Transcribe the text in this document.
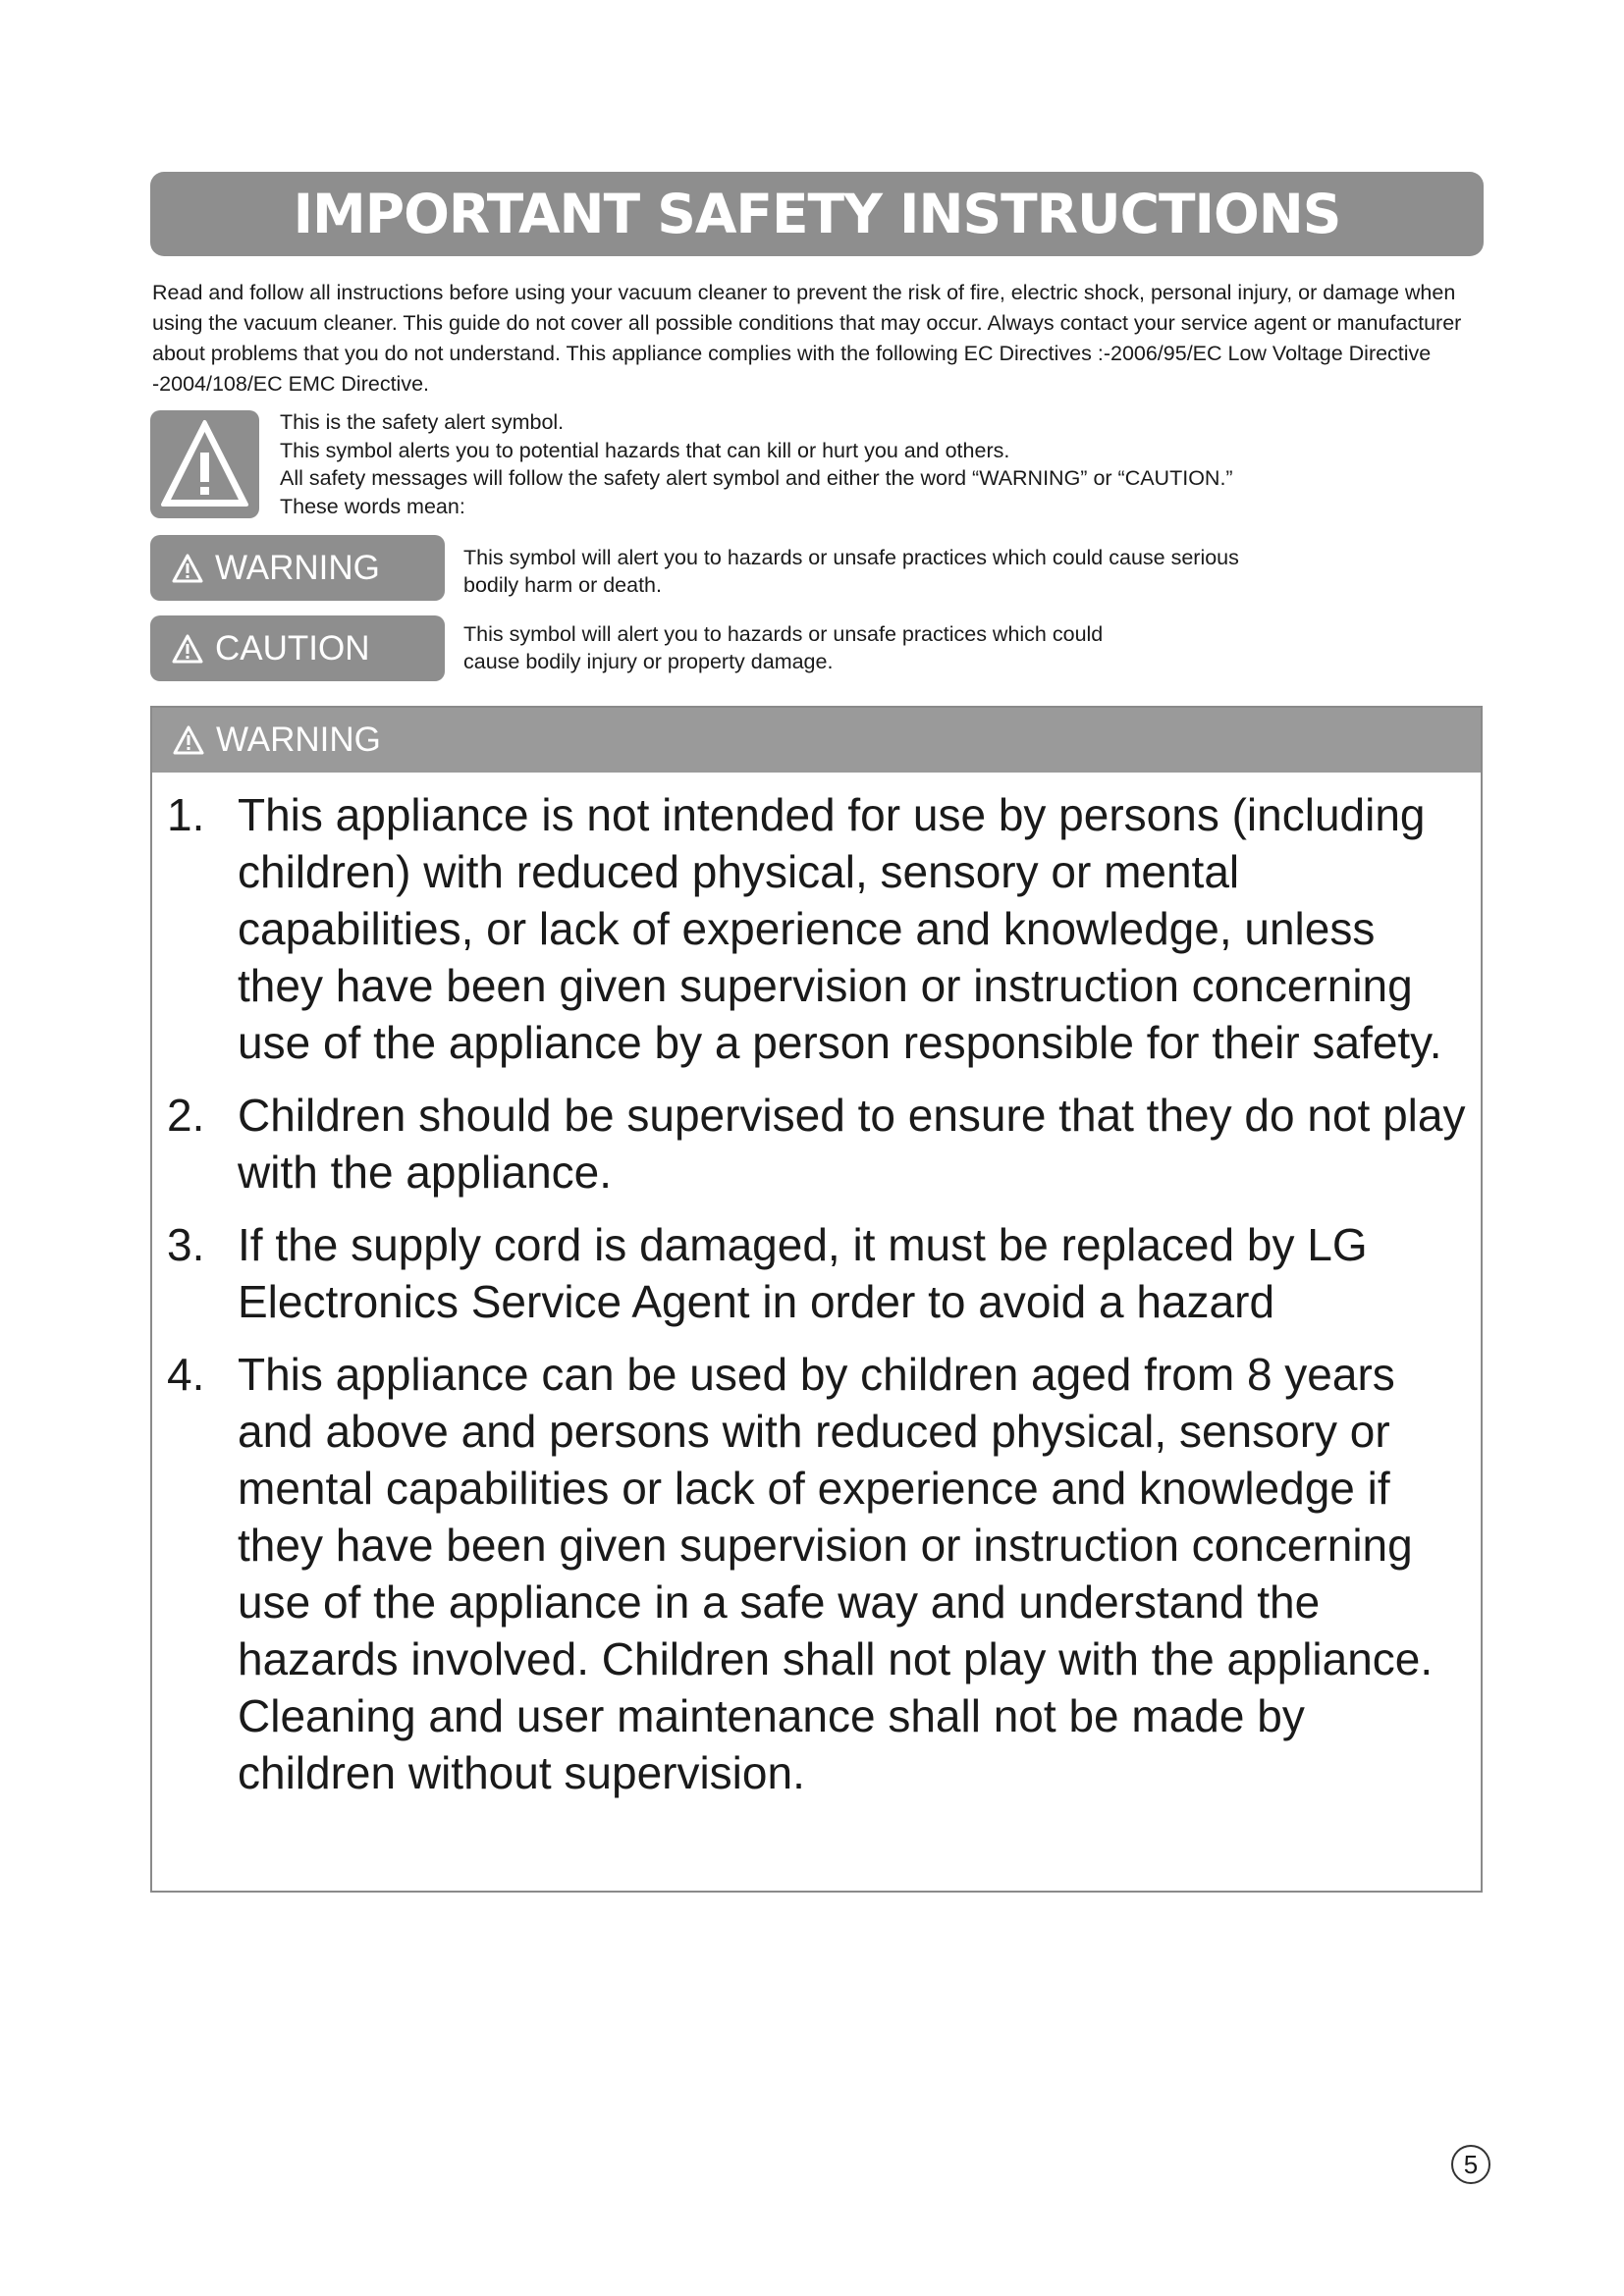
IMPORTANT SAFETY INSTRUCTIONS

Read and follow all instructions before using your vacuum cleaner to prevent the risk of fire, electric shock, personal injury, or damage when using the vacuum cleaner. This guide do not cover all possible conditions that may occur. Always contact your service agent or manufacturer about problems that you do not understand. This appliance complies with the following EC Directives :-2006/95/EC Low Voltage Directive -2004/108/EC EMC Directive.

This is the safety alert symbol.
This symbol alerts you to potential hazards that can kill or hurt you and others.
All safety messages will follow the safety alert symbol and either the word “WARNING” or “CAUTION.”
These words mean:
WARNING	This symbol will alert you to hazards or unsafe practices which could cause serious
bodily harm or death.
CAUTION	This symbol will alert you to hazards or unsafe practices which could
cause bodily injury or property damage.
WARNING
1. This appliance is not intended for use by persons (including children) with reduced physical, sensory or mental capabilities, or lack of experience and knowledge, unless they have been given supervision or instruction concerning use of the appliance by a person responsible for their safety.
2. Children should be supervised to ensure that they do not play with the appliance.
3. If the supply cord is damaged, it must be replaced by LG Electronics Service Agent in order to avoid a hazard
4. This appliance can be used by children aged from 8 years and above and persons with reduced physical, sensory or mental capabilities or lack of experience and knowledge if they have been given supervision or instruction concerning use of the appliance in a safe way and understand the hazards involved. Children shall not play with the appliance. Cleaning and user maintenance shall not be made by children without supervision.
5
